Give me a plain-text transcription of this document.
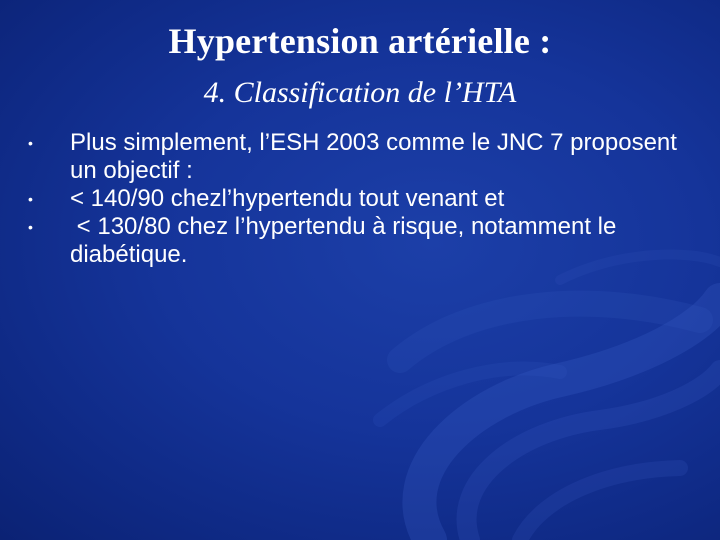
Hypertension artérielle :
4. Classification de l’HTA
• Plus simplement, l’ESH 2003 comme le JNC 7 proposent un objectif :
• < 140/90 chezl’hypertendu tout venant et
• < 130/80 chez l’hypertendu à risque, notamment le diabétique.
